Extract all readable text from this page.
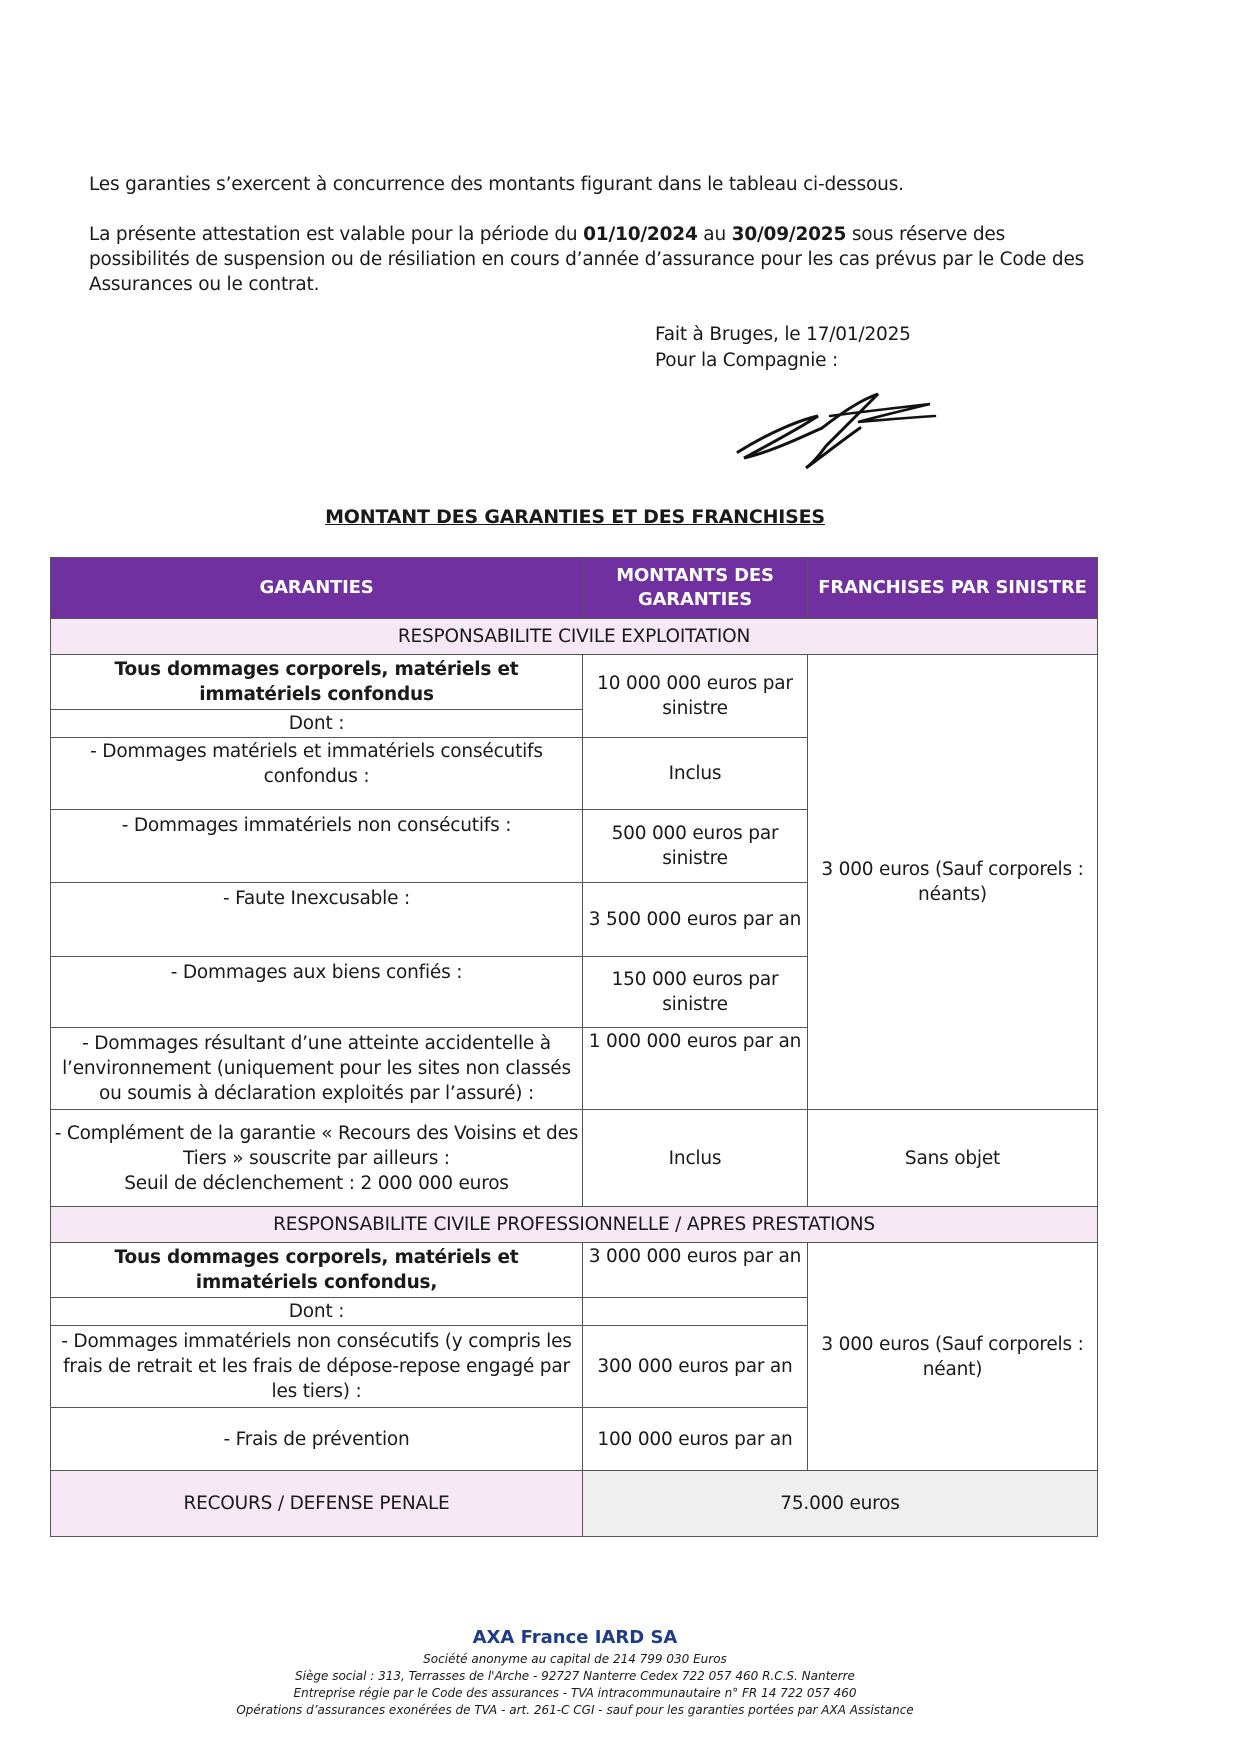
Les garanties s’exercent à concurrence des montants figurant dans le tableau ci-dessous.

La présente attestation est valable pour la période du 01/10/2024 au 30/09/2025 sous réserve des possibilités de suspension ou de résiliation en cours d’année d’assurance pour les cas prévus par le Code des Assurances ou le contrat.

Fait à Bruges, le 17/01/2025
Pour la Compagnie :
MONTANT DES GARANTIES ET DES FRANCHISES
GARANTIES	MONTANTS DES GARANTIES	FRANCHISES PAR SINISTRE
RESPONSABILITE CIVILE EXPLOITATION		
Tous dommages corporels, matériels et immatériels confondus	10 000 000 euros par sinistre	3 000 euros (Sauf corporels : néants)
Dont :		
- Dommages matériels et immatériels consécutifs confondus :	Inclus	
- Dommages immatériels non consécutifs :	500 000 euros par sinistre	
- Faute Inexcusable :	3 500 000 euros par an	
- Dommages aux biens confiés :	150 000 euros par sinistre	
- Dommages résultant d’une atteinte accidentelle à l’environnement (uniquement pour les sites non classés ou soumis à déclaration exploités par l’assuré) :	1 000 000 euros par an	
- Complément de la garantie « Recours des Voisins et des Tiers » souscrite par ailleurs :
Seuil de déclenchement : 2 000 000 euros	Inclus	Sans objet
RESPONSABILITE CIVILE PROFESSIONNELLE / APRES PRESTATIONS		
Tous dommages corporels, matériels et immatériels confondus,	3 000 000 euros par an	3 000 euros (Sauf corporels : néant)
Dont :		
- Dommages immatériels non consécutifs (y compris les frais de retrait et les frais de dépose-repose engagé par les tiers) :	300 000 euros par an	
- Frais de prévention	100 000 euros par an	
RECOURS / DEFENSE PENALE	75.000 euros	
AXA France IARD SA
Société anonyme au capital de 214 799 030 Euros
Siège social : 313, Terrasses de l'Arche - 92727 Nanterre Cedex 722 057 460 R.C.S. Nanterre
Entreprise régie par le Code des assurances - TVA intracommunautaire n° FR 14 722 057 460
Opérations d’assurances exonérées de TVA - art. 261-C CGI - sauf pour les garanties portées par AXA Assistance
